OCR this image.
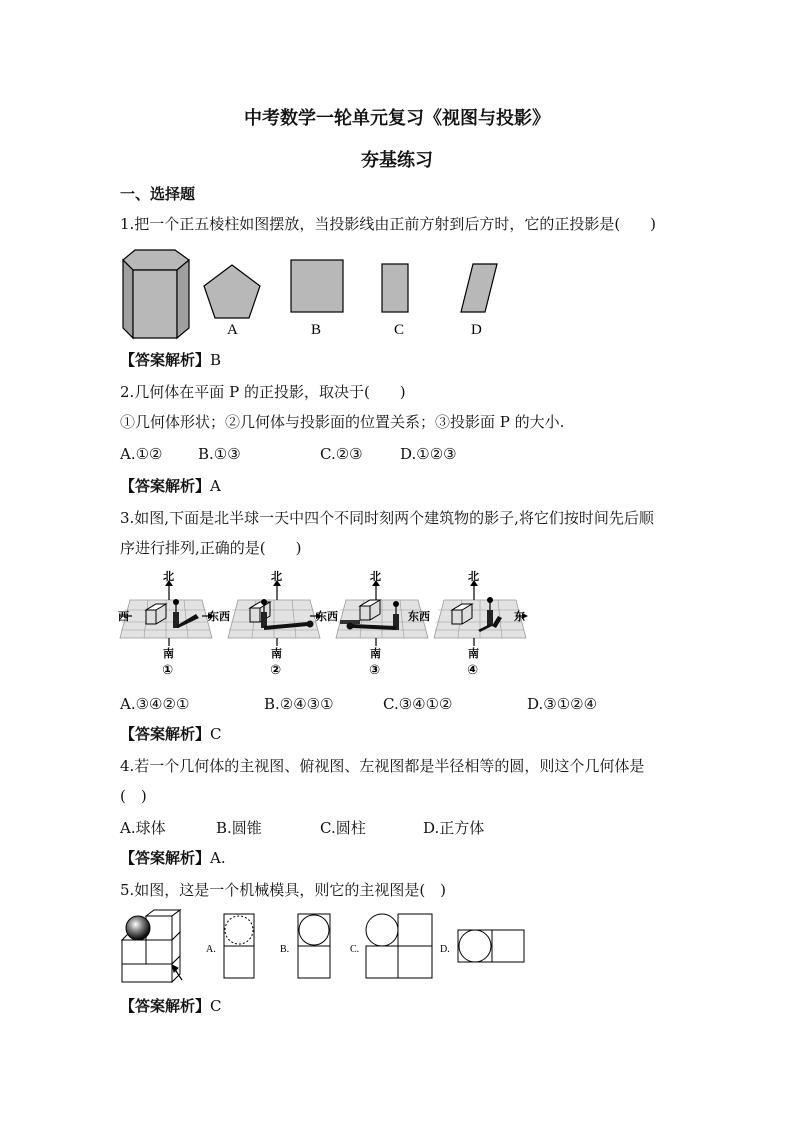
中考数学一轮单元复习《视图与投影》
夯基练习
一、选择题
1.把一个正五棱柱如图摆放，当投影线由正前方射到后方时，它的正投影是(　　)
A	B	C	D
【答案解析】B
2.几何体在平面 P 的正投影，取决于(　　)
①几何体形状；②几何体与投影面的位置关系；③投影面 P 的大小.
A.①② B.①③	C.②③ D.①②③
【答案解析】A
3.如图,下面是北半球一天中四个不同时刻两个建筑物的影子,将它们按时间先后顺
序进行排列,正确的是(　　)
北	北	北	北
西	东 西	东 西	东 西	东
南	南	南	南
①	②	③	④
A.③④②①	B.②④③①	C.③④①②	D.③①②④
【答案解析】C
4.若一个几何体的主视图、俯视图、左视图都是半径相等的圆，则这个几何体是
(　)
A.球体	B.圆锥	C.圆柱	D.正方体
【答案解析】A.
5.如图，这是一个机械模具，则它的主视图是(　)
A.	B.	C.	D.
【答案解析】C
